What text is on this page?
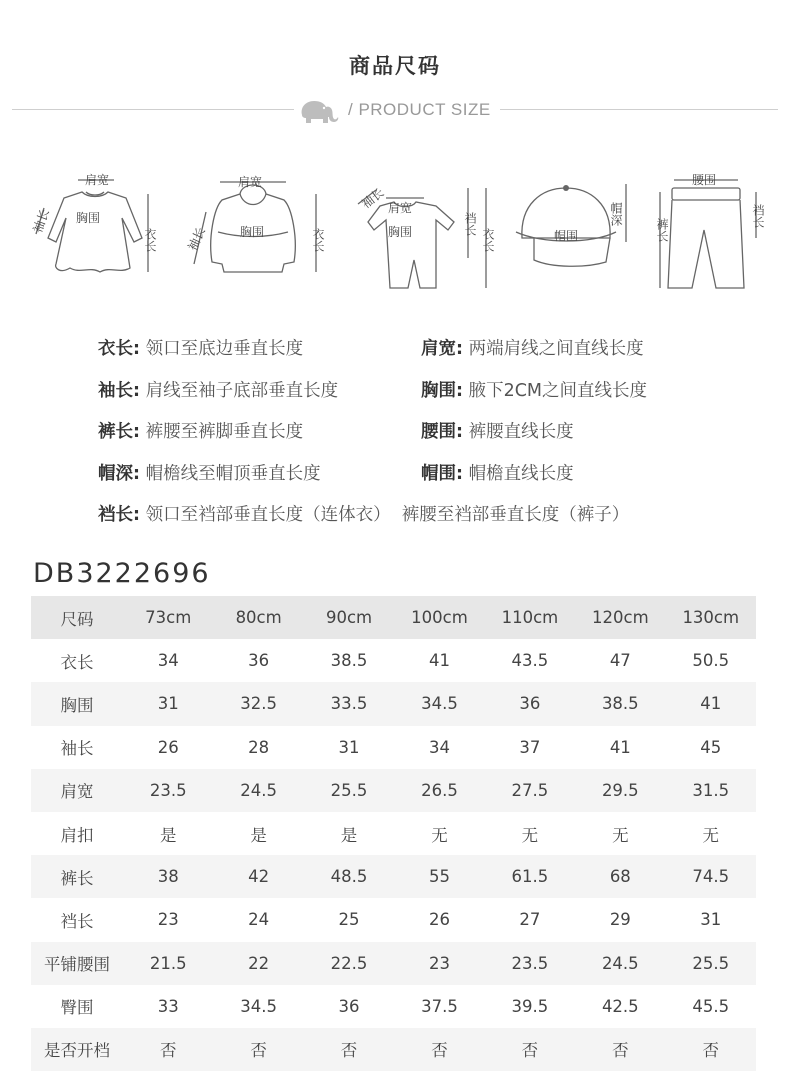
商品尺码
/ PRODUCT SIZE
肩宽
胸围
袖长
衣长
肩宽
胸围
袖长	衣长
袖长 肩宽
胸围	裆长
衣长	帽围
帽深
腰围
裤长
裆长
衣长: 领口至底边垂直长度	肩宽: 两端肩线之间直线长度
袖长: 肩线至袖子底部垂直长度	胸围: 腋下2CM之间直线长度
裤长: 裤腰至裤脚垂直长度	腰围: 裤腰直线长度
帽深: 帽檐线至帽顶垂直长度	帽围: 帽檐直线长度
裆长: 领口至裆部垂直长度（连体衣）  裤腰至裆部垂直长度（裤子）
DB3222696
尺码	73cm	80cm	90cm	100cm	110cm	120cm	130cm
衣长	34	36	38.5	41	43.5	47	50.5
胸围	31	32.5	33.5	34.5	36	38.5	41
袖长	26	28	31	34	37	41	45
肩宽	23.5	24.5	25.5	26.5	27.5	29.5	31.5
肩扣	是	是	是	无	无	无	无
裤长	38	42	48.5	55	61.5	68	74.5
裆长	23	24	25	26	27	29	31
平铺腰围	21.5	22	22.5	23	23.5	24.5	25.5
臀围	33	34.5	36	37.5	39.5	42.5	45.5
是否开档	否	否	否	否	否	否	否
